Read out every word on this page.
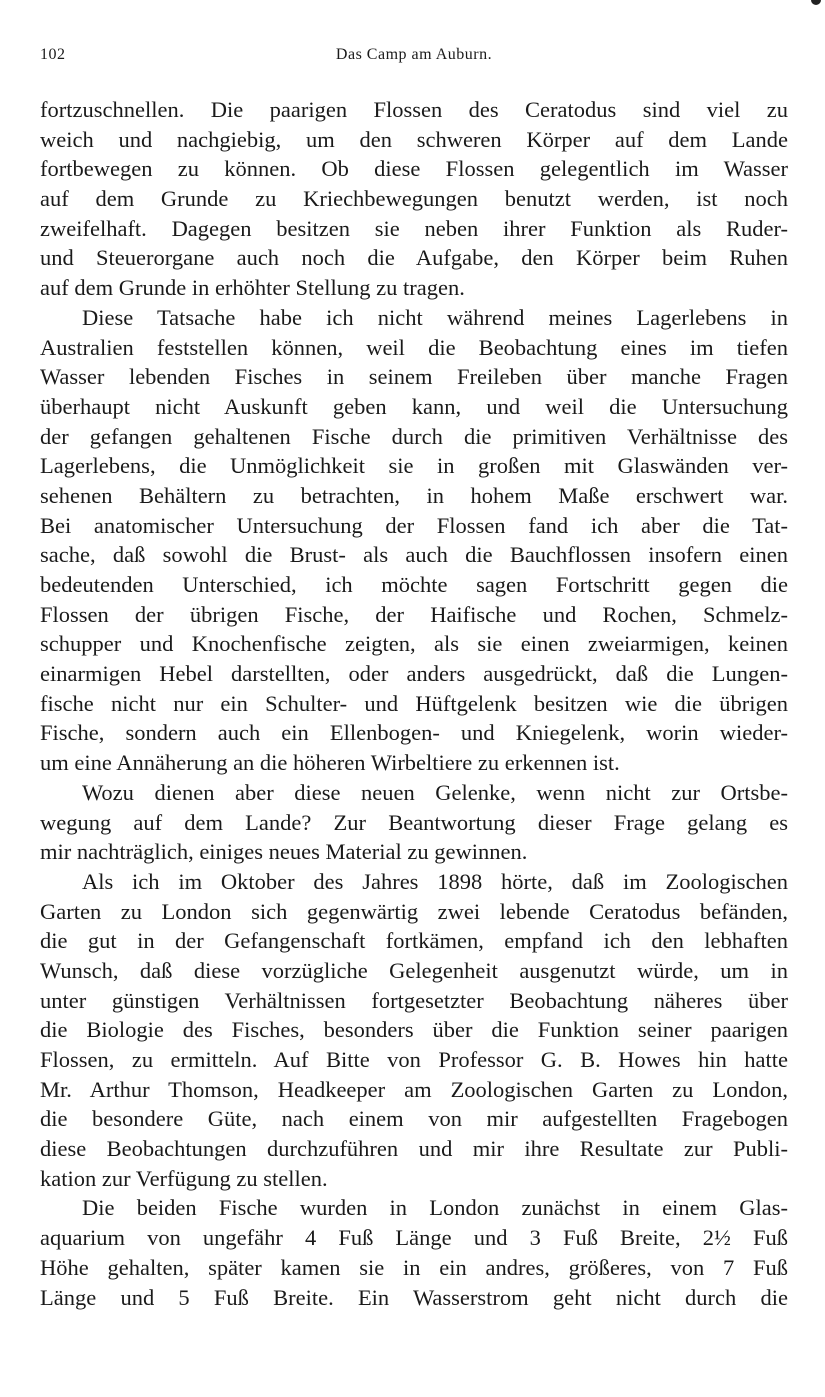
102	Das Camp am Auburn.
fortzuschnellen. Die paarigen Flossen des Ceratodus sind viel zu
weich und nachgiebig, um den schweren Körper auf dem Lande
fortbewegen zu können. Ob diese Flossen gelegentlich im Wasser
auf dem Grunde zu Kriechbewegungen benutzt werden, ist noch
zweifelhaft. Dagegen besitzen sie neben ihrer Funktion als Ruder-
und Steuerorgane auch noch die Aufgabe, den Körper beim Ruhen
auf dem Grunde in erhöhter Stellung zu tragen.
Diese Tatsache habe ich nicht während meines Lagerlebens in
Australien feststellen können, weil die Beobachtung eines im tiefen
Wasser lebenden Fisches in seinem Freileben über manche Fragen
überhaupt nicht Auskunft geben kann, und weil die Untersuchung
der gefangen gehaltenen Fische durch die primitiven Verhältnisse des
Lagerlebens, die Unmöglichkeit sie in großen mit Glaswänden ver-
sehenen Behältern zu betrachten, in hohem Maße erschwert war.
Bei anatomischer Untersuchung der Flossen fand ich aber die Tat-
sache, daß sowohl die Brust- als auch die Bauchflossen insofern einen
bedeutenden Unterschied, ich möchte sagen Fortschritt gegen die
Flossen der übrigen Fische, der Haifische und Rochen, Schmelz-
schupper und Knochenfische zeigten, als sie einen zweiarmigen, keinen
einarmigen Hebel darstellten, oder anders ausgedrückt, daß die Lungen-
fische nicht nur ein Schulter- und Hüftgelenk besitzen wie die übrigen
Fische, sondern auch ein Ellenbogen- und Kniegelenk, worin wieder-
um eine Annäherung an die höheren Wirbeltiere zu erkennen ist.
Wozu dienen aber diese neuen Gelenke, wenn nicht zur Ortsbe-
wegung auf dem Lande? Zur Beantwortung dieser Frage gelang es
mir nachträglich, einiges neues Material zu gewinnen.
Als ich im Oktober des Jahres 1898 hörte, daß im Zoologischen
Garten zu London sich gegenwärtig zwei lebende Ceratodus befänden,
die gut in der Gefangenschaft fortkämen, empfand ich den lebhaften
Wunsch, daß diese vorzügliche Gelegenheit ausgenutzt würde, um in
unter günstigen Verhältnissen fortgesetzter Beobachtung näheres über
die Biologie des Fisches, besonders über die Funktion seiner paarigen
Flossen, zu ermitteln. Auf Bitte von Professor G. B. Howes hin hatte
Mr. Arthur Thomson, Headkeeper am Zoologischen Garten zu London,
die besondere Güte, nach einem von mir aufgestellten Fragebogen
diese Beobachtungen durchzuführen und mir ihre Resultate zur Publi-
kation zur Verfügung zu stellen.
Die beiden Fische wurden in London zunächst in einem Glas-
aquarium von ungefähr 4 Fuß Länge und 3 Fuß Breite, 2½ Fuß
Höhe gehalten, später kamen sie in ein andres, größeres, von 7 Fuß
Länge und 5 Fuß Breite. Ein Wasserstrom geht nicht durch die
